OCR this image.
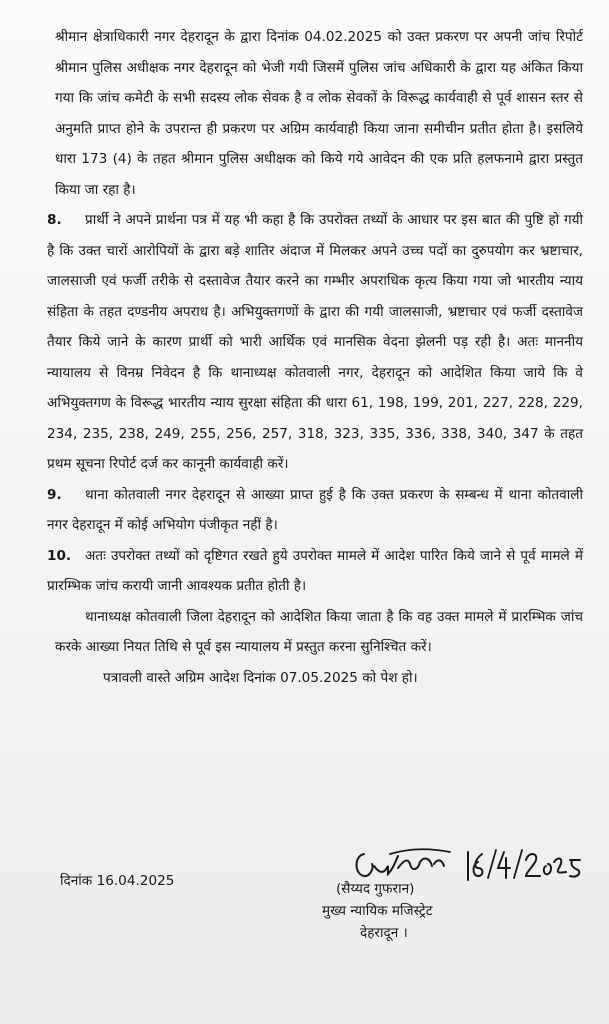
श्रीमान क्षेत्राधिकारी नगर देहरादून के द्वारा दिनांक 04.02.2025 को उक्त प्रकरण पर अपनी जांच रिपोर्ट श्रीमान पुलिस अधीक्षक नगर देहरादून को भेजी गयी जिसमें पुलिस जांच अधिकारी के द्वारा यह अंकित किया गया कि जांच कमेटी के सभी सदस्य लोक सेवक है व लोक सेवकों के विरूद्ध कार्यवाही से पूर्व शासन स्तर से अनुमति प्राप्त होने के उपरान्त ही प्रकरण पर अग्रिम कार्यवाही किया जाना समीचीन प्रतीत होता है। इसलिये धारा 173 (4) के तहत श्रीमान पुलिस अधीक्षक को किये गये आवेदन की एक प्रति हलफनामे द्वारा प्रस्तुत किया जा रहा है।

8. प्रार्थी ने अपने प्रार्थना पत्र में यह भी कहा है कि उपरोक्त तथ्यों के आधार पर इस बात की पुष्टि हो गयी है कि उक्त चारों आरोपियों के द्वारा बड़े शातिर अंदाज में मिलकर अपने उच्च पदों का दुरुपयोग कर भ्रष्टाचार, जालसाजी एवं फर्जी तरीके से दस्तावेज तैयार करने का गम्भीर अपराधिक कृत्य किया गया जो भारतीय न्याय संहिता के तहत दण्डनीय अपराध है। अभियुक्तगणों के द्वारा की गयी जालसाजी, भ्रष्टाचार एवं फर्जी दस्तावेज तैयार किये जाने के कारण प्रार्थी को भारी आर्थिक एवं मानसिक वेदना झेलनी पड़ रही है। अतः माननीय न्यायालय से विनम्र निवेदन है कि थानाध्यक्ष कोतवाली नगर, देहरादून को आदेशित किया जाये कि वे अभियुक्तगण के विरूद्ध भारतीय न्याय सुरक्षा संहिता की धारा 61, 198, 199, 201, 227, 228, 229, 234, 235, 238, 249, 255, 256, 257, 318, 323, 335, 336, 338, 340, 347 के तहत प्रथम सूचना रिपोर्ट दर्ज कर कानूनी कार्यवाही करें।

9. थाना कोतवाली नगर देहरादून से आख्या प्राप्त हुई है कि उक्त प्रकरण के सम्बन्ध में थाना कोतवाली नगर देहरादून में कोई अभियोग पंजीकृत नहीं है।

10. अतः उपरोक्त तथ्यों को दृष्टिगत रखते हुये उपरोक्त मामले में आदेश पारित किये जाने से पूर्व मामले में प्रारम्भिक जांच करायी जानी आवश्यक प्रतीत होती है।

थानाध्यक्ष कोतवाली जिला देहरादून को आदेशित किया जाता है कि वह उक्त मामले में प्रारम्भिक जांच करके आख्या नियत तिथि से पूर्व इस न्यायालय में प्रस्तुत करना सुनिश्चित करें।

पत्रावली वास्ते अग्रिम आदेश दिनांक 07.05.2025 को पेश हो।

दिनांक 16.04.2025	(सैय्यद गुफरान)
मुख्य न्यायिक मजिस्ट्रेट
देहरादून ।
